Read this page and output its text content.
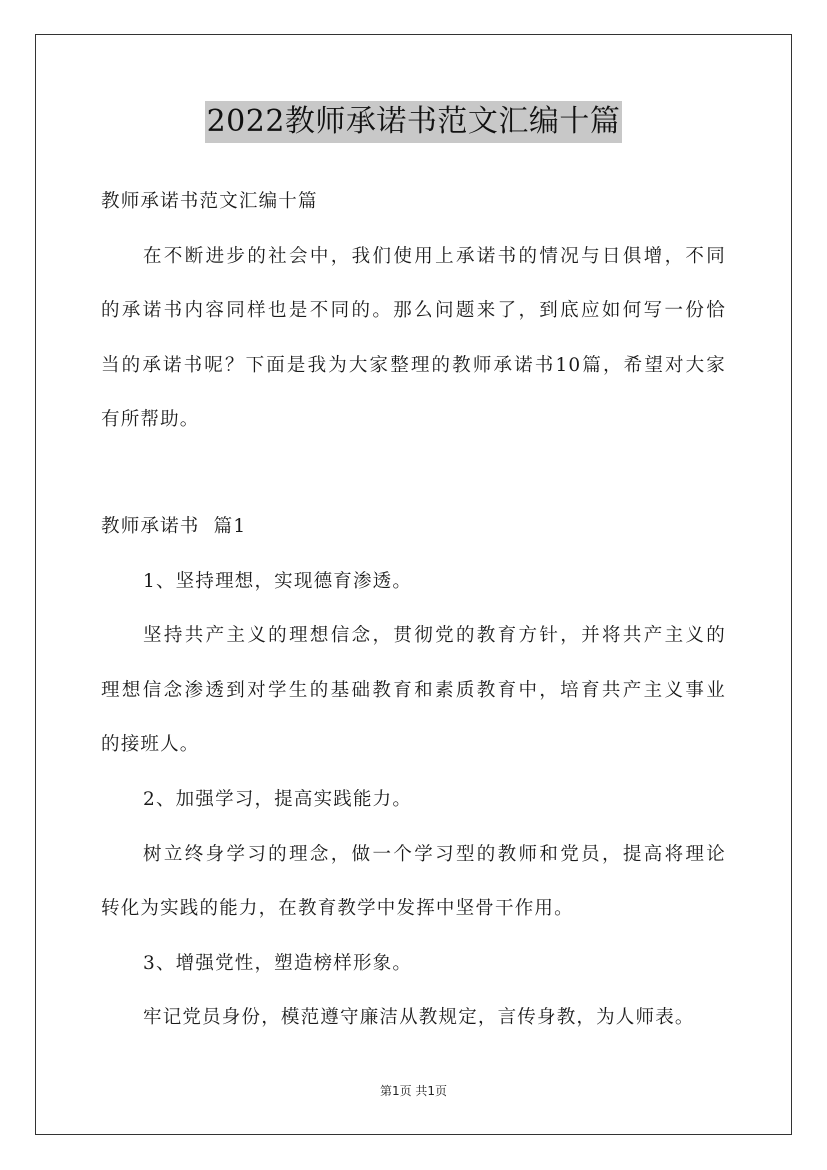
2022教师承诺书范文汇编十篇
教师承诺书范文汇编十篇
在不断进步的社会中，我们使用上承诺书的情况与日俱增，不同
的承诺书内容同样也是不同的。那么问题来了，到底应如何写一份恰
当的承诺书呢？下面是我为大家整理的教师承诺书10篇，希望对大家
有所帮助。
教师承诺书  篇1
1、坚持理想，实现德育渗透。
坚持共产主义的理想信念，贯彻党的教育方针，并将共产主义的
理想信念渗透到对学生的基础教育和素质教育中，培育共产主义事业
的接班人。
2、加强学习，提高实践能力。
树立终身学习的理念，做一个学习型的教师和党员，提高将理论
转化为实践的能力，在教育教学中发挥中坚骨干作用。
3、增强党性，塑造榜样形象。
牢记党员身份，模范遵守廉洁从教规定，言传身教，为人师表。
第1页 共1页
